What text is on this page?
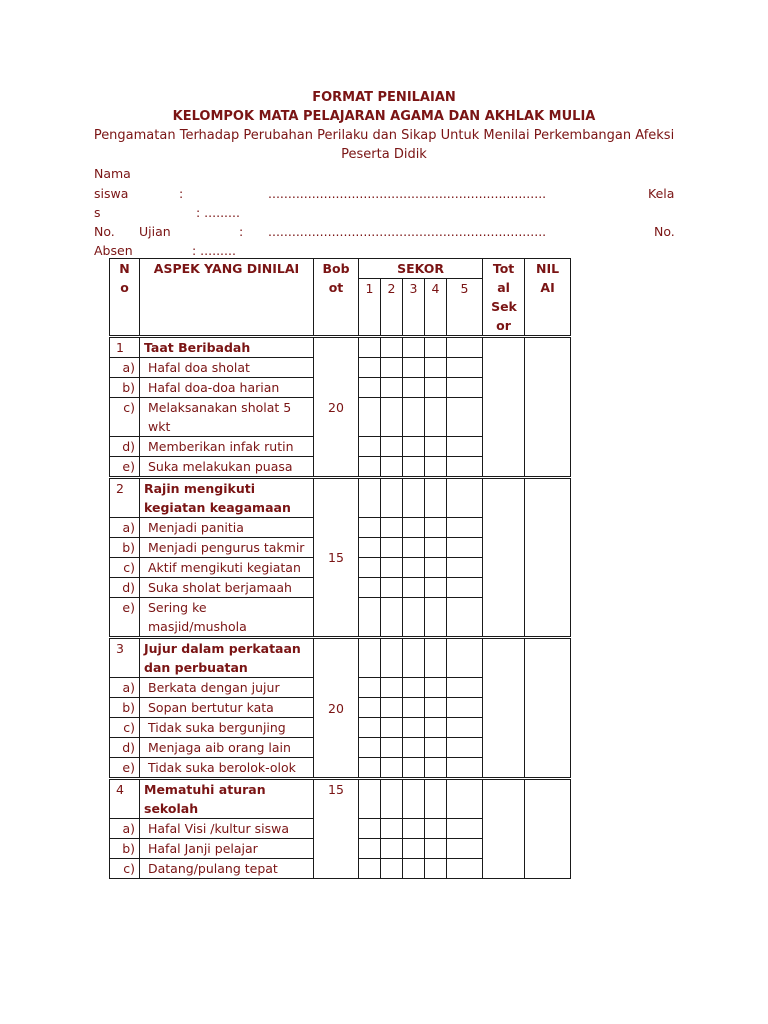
FORMAT PENILAIAN
KELOMPOK MATA PELAJARAN AGAMA DAN AKHLAK MULIA
Pengamatan Terhadap Perubahan Perilaku dan Sikap Untuk Menilai Perkembangan Afeksi
Peserta Didik
Nama
siswa	:	......................................................................	Kela
s	: .........
No. Ujian	: ......................................................................	No.
Absen	: .........
N o	ASPEK YANG DINILAI	Bob ot	SEKOR					Tot al Sek or	NIL AI
			1	2	3	4	5		

1	Taat Beribadah	20							
a)	Hafal doa sholat								
b)	Hafal doa-doa harian								
c)	Melaksanakan sholat 5 wkt								
d)	Memberikan infak rutin								
e)	Suka melakukan puasa								

2	Rajin mengikuti kegiatan keagamaan	15							
a)	Menjadi panitia								
b)	Menjadi pengurus takmir								
c)	Aktif mengikuti kegiatan								
d)	Suka sholat berjamaah								
e)	Sering ke masjid/mushola								

3	Jujur dalam perkataan dan perbuatan	20							
a)	Berkata dengan jujur								
b)	Sopan bertutur kata								
c)	Tidak suka bergunjing								
d)	Menjaga aib orang lain								
e)	Tidak suka berolok-olok								

4	Mematuhi aturan sekolah	15							
a)	Hafal Visi /kultur siswa								
b)	Hafal Janji pelajar								
c)	Datang/pulang tepat								
